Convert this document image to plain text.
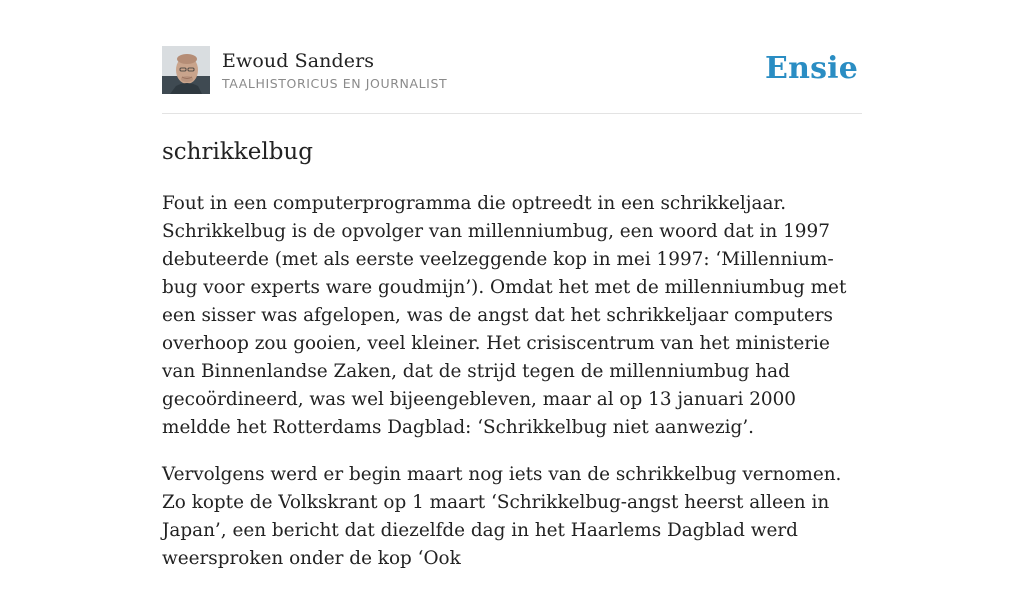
Ewoud Sanders
TAALHISTORICUS EN JOURNALIST	Ensie
schrikkelbug

Fout in een computerprogramma die optreedt in een schrikkeljaar. Schrikkelbug is de opvolger van millenniumbug, een woord dat in 1997 debuteerde (met als eerste veelzeggende kop in mei 1997: ‘Millennium-bug voor experts ware goudmijn’). Omdat het met de millenniumbug met een sisser was afgelopen, was de angst dat het schrikkeljaar computers overhoop zou gooien, veel kleiner. Het crisiscentrum van het ministerie van Binnenlandse Zaken, dat de strijd tegen de millenniumbug had gecoördineerd, was wel bijeengebleven, maar al op 13 januari 2000 meldde het Rotterdams Dagblad: ‘Schrikkelbug niet aanwezig’.

Vervolgens werd er begin maart nog iets van de schrikkelbug vernomen. Zo kopte de Volkskrant op 1 maart ‘Schrikkelbug-angst heerst alleen in Japan’, een bericht dat diezelfde dag in het Haarlems Dagblad werd weersproken onder de kop ‘Ook
